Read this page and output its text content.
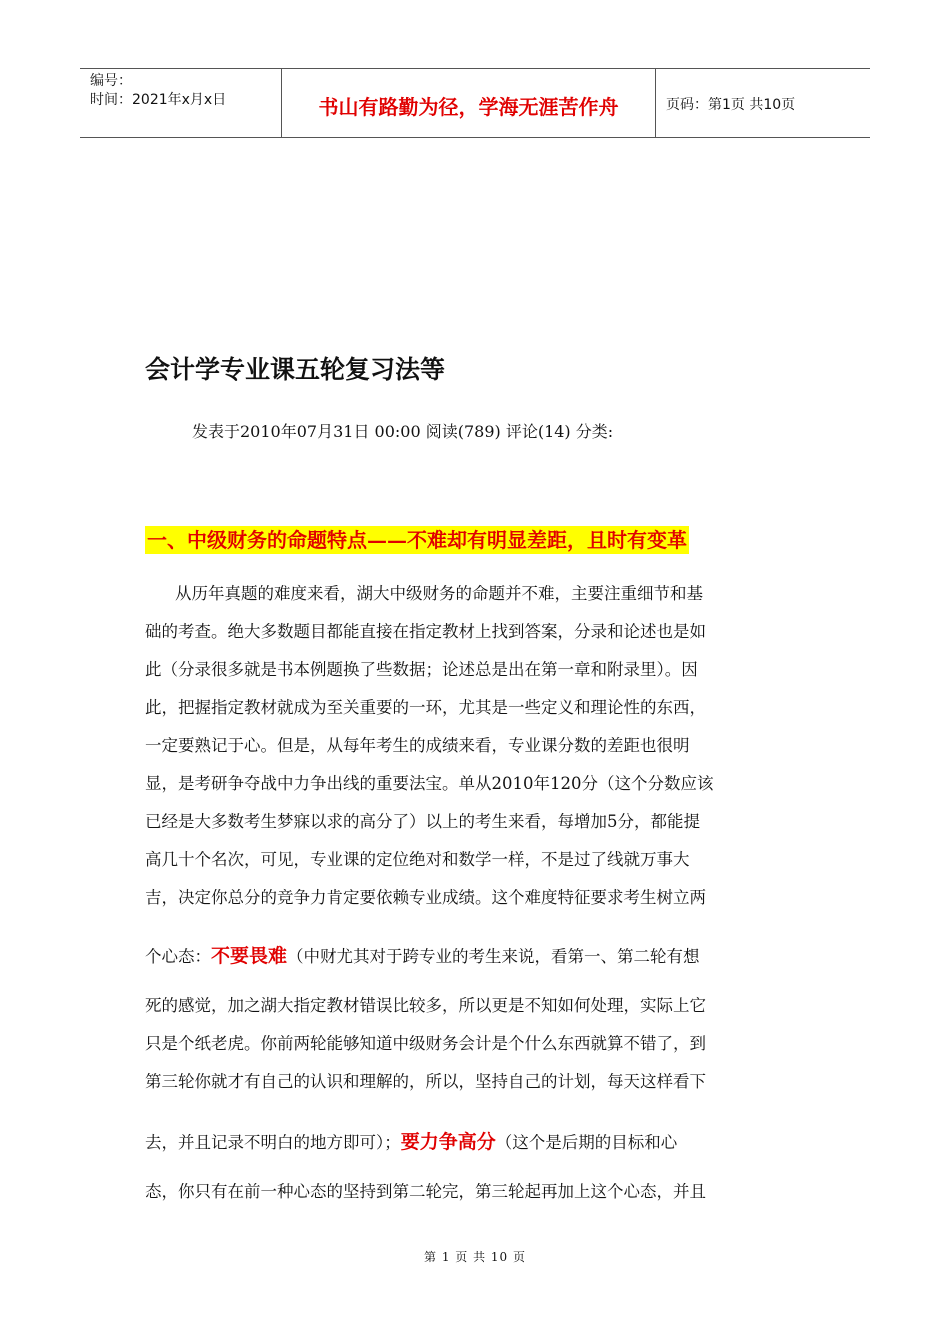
编号：
时间：2021年x月x日	书山有路勤为径，学海无涯苦作舟	页码：第1页 共10页
会计学专业课五轮复习法等
发表于2010年07月31日 00:00 阅读(789) 评论(14) 分类:
一、中级财务的命题特点——不难却有明显差距，且时有变革
从历年真题的难度来看，湖大中级财务的命题并不难，主要注重细节和基
础的考查。绝大多数题目都能直接在指定教材上找到答案，分录和论述也是如
此（分录很多就是书本例题换了些数据；论述总是出在第一章和附录里）。因
此，把握指定教材就成为至关重要的一环，尤其是一些定义和理论性的东西，
一定要熟记于心。但是，从每年考生的成绩来看，专业课分数的差距也很明
显，是考研争夺战中力争出线的重要法宝。单从2010年120分（这个分数应该
已经是大多数考生梦寐以求的高分了）以上的考生来看，每增加5分，都能提
高几十个名次，可见，专业课的定位绝对和数学一样，不是过了线就万事大
吉，决定你总分的竞争力肯定要依赖专业成绩。这个难度特征要求考生树立两
个心态：不要畏难（中财尤其对于跨专业的考生来说，看第一、第二轮有想
死的感觉，加之湖大指定教材错误比较多，所以更是不知如何处理，实际上它
只是个纸老虎。你前两轮能够知道中级财务会计是个什么东西就算不错了，到
第三轮你就才有自己的认识和理解的，所以，坚持自己的计划，每天这样看下
去，并且记录不明白的地方即可）；要力争高分（这个是后期的目标和心
态，你只有在前一种心态的坚持到第二轮完，第三轮起再加上这个心态，并且
第 1 页 共 10 页
